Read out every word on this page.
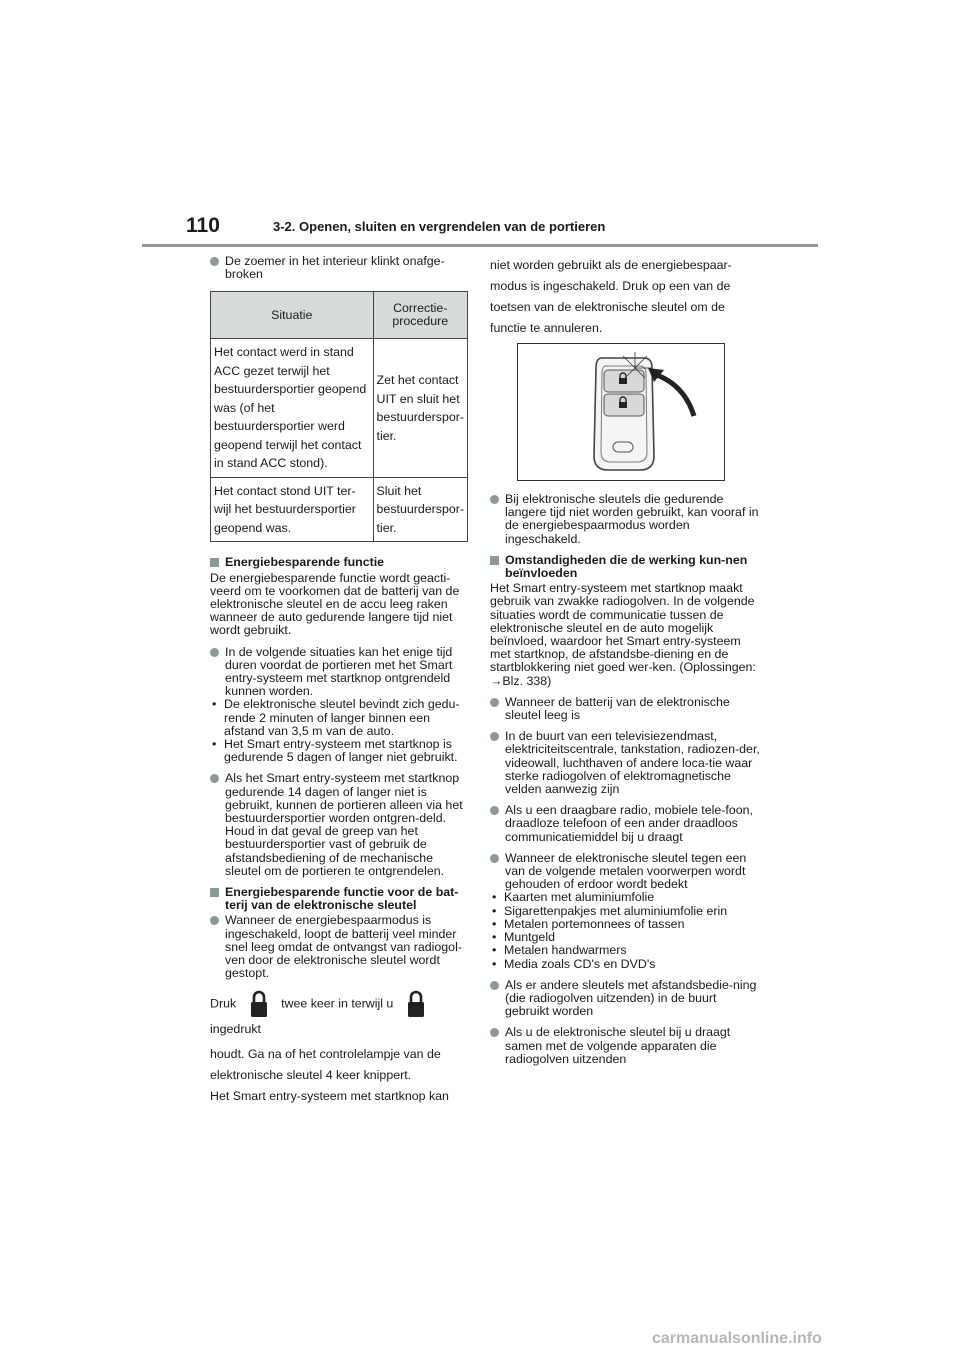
110	3-2. Openen, sluiten en vergrendelen van de portieren
De zoemer in het interieur klinkt onafge-broken
Situatie	Correctie-procedure
Het contact werd in stand ACC gezet terwijl het bestuurdersportier geopend was (of het bestuurdersportier werd geopend terwijl het contact in stand ACC stond).	Zet het contact UIT en sluit het bestuurderspor-tier.
Het contact stond UIT ter-wijl het bestuurdersportier geopend was.	Sluit het bestuurderspor-tier.
Energiebesparende functie
De energiebesparende functie wordt geacti-veerd om te voorkomen dat de batterij van de elektronische sleutel en de accu leeg raken wanneer de auto gedurende langere tijd niet wordt gebruikt.
In de volgende situaties kan het enige tijd duren voordat de portieren met het Smart entry-systeem met startknop ontgrendeld kunnen worden.
• De elektronische sleutel bevindt zich gedu-rende 2 minuten of langer binnen een afstand van 3,5 m van de auto.
• Het Smart entry-systeem met startknop is gedurende 5 dagen of langer niet gebruikt.
Als het Smart entry-systeem met startknop gedurende 14 dagen of langer niet is gebruikt, kunnen de portieren alleen via het bestuurdersportier worden ontgren-deld. Houd in dat geval de greep van het bestuurdersportier vast of gebruik de afstandsbediening of de mechanische sleutel om de portieren te ontgrendelen.
Energiebesparende functie voor de bat-terij van de elektronische sleutel
Wanneer de energiebespaarmodus is ingeschakeld, loopt de batterij veel minder snel leeg omdat de ontvangst van radiogol-ven door de elektronische sleutel wordt gestopt.
Druk	twee keer in terwijl u  ingedrukt
houdt. Ga na of het controlelampje van de
elektronische sleutel 4 keer knippert.
Het Smart entry-systeem met startknop kan
niet worden gebruikt als de energiebespaar-
modus is ingeschakeld. Druk op een van de
toetsen van de elektronische sleutel om de
functie te annuleren.
Bij elektronische sleutels die gedurende langere tijd niet worden gebruikt, kan vooraf in de energiebespaarmodus worden ingeschakeld.
Omstandigheden die de werking kun-nen beïnvloeden
Het Smart entry-systeem met startknop maakt gebruik van zwakke radiogolven. In de volgende situaties wordt de communicatie tussen de elektronische sleutel en de auto mogelijk beïnvloed, waardoor het Smart entry-systeem met startknop, de afstandsbe-diening en de startblokkering niet goed wer-ken. (Oplossingen: →Blz. 338)
Wanneer de batterij van de elektronische sleutel leeg is
In de buurt van een televisiezendmast, elektriciteitscentrale, tankstation, radiozen-der, videowall, luchthaven of andere loca-tie waar sterke radiogolven of elektromagnetische velden aanwezig zijn
Als u een draagbare radio, mobiele tele-foon, draadloze telefoon of een ander draadloos communicatiemiddel bij u draagt
Wanneer de elektronische sleutel tegen een van de volgende metalen voorwerpen wordt gehouden of erdoor wordt bedekt
• Kaarten met aluminiumfolie
• Sigarettenpakjes met aluminiumfolie erin
• Metalen portemonnees of tassen
• Muntgeld
• Metalen handwarmers
• Media zoals CD's en DVD's
Als er andere sleutels met afstandsbedie-ning (die radiogolven uitzenden) in de buurt gebruikt worden
Als u de elektronische sleutel bij u draagt samen met de volgende apparaten die radiogolven uitzenden
carmanualsonline.info
